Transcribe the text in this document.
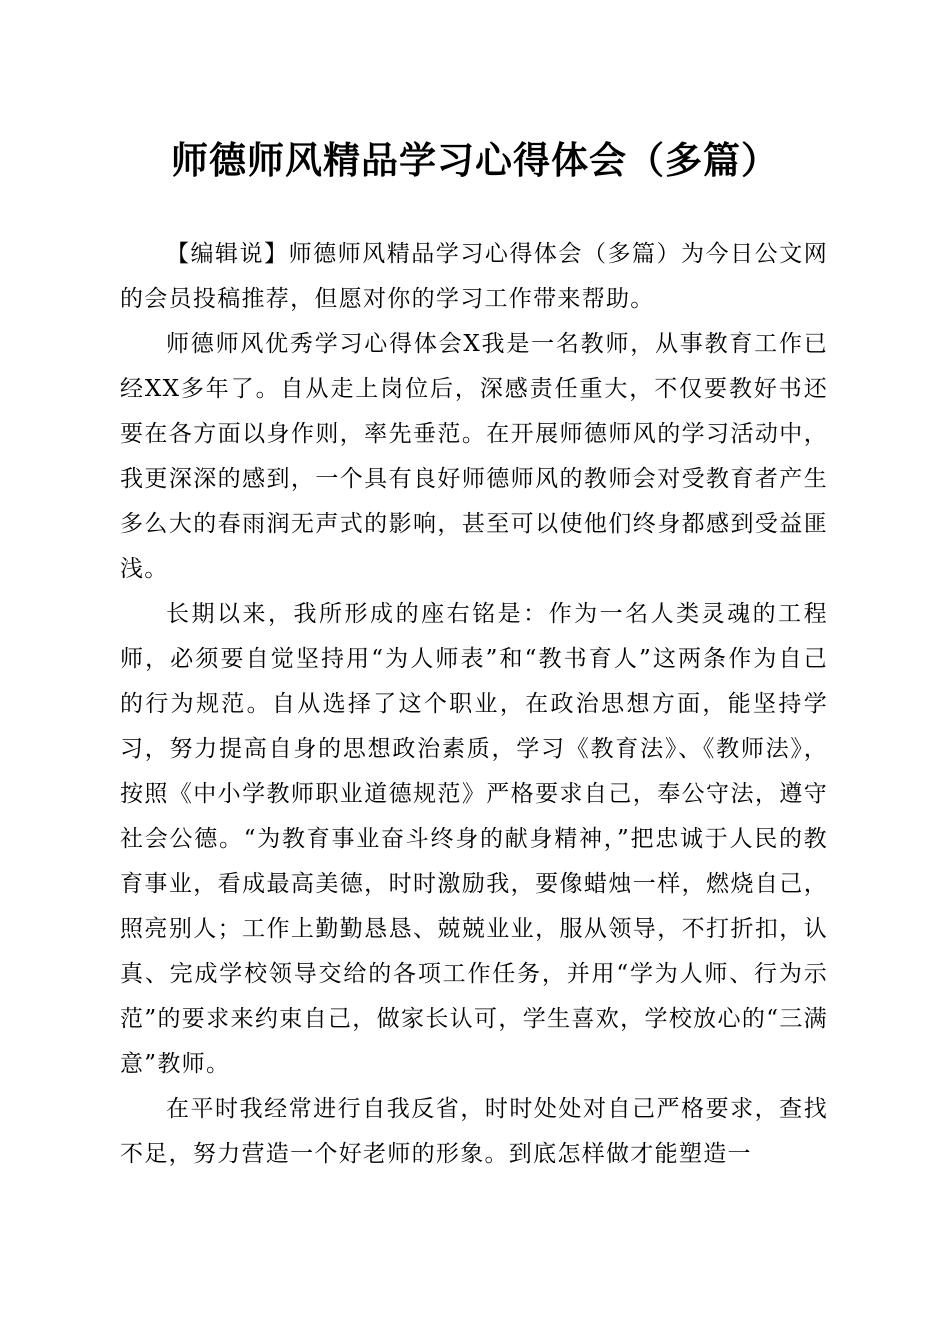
师德师风精品学习心得体会（多篇）

【编辑说】师德师风精品学习心得体会（多篇）为今日公文网的会员投稿推荐，但愿对你的学习工作带来帮助。

师德师风优秀学习心得体会X我是一名教师，从事教育工作已经XX多年了。自从走上岗位后，深感责任重大，不仅要教好书还要在各方面以身作则，率先垂范。在开展师德师风的学习活动中，我更深深的感到，一个具有良好师德师风的教师会对受教育者产生多么大的春雨润无声式的影响，甚至可以使他们终身都感到受益匪浅。

长期以来，我所形成的座右铭是：作为一名人类灵魂的工程师，必须要自觉坚持用“为人师表”和“教书育人”这两条作为自己的行为规范。自从选择了这个职业，在政治思想方面，能坚持学习，努力提高自身的思想政治素质，学习《教育法》、《教师法》，按照《中小学教师职业道德规范》严格要求自己，奉公守法，遵守社会公德。“为教育事业奋斗终身的献身精神，”把忠诚于人民的教育事业，看成最高美德，时时激励我，要像蜡烛一样，燃烧自己，照亮别人；工作上勤勤恳恳、兢兢业业，服从领导，不打折扣，认真、完成学校领导交给的各项工作任务，并用“学为人师、行为示范”的要求来约束自己，做家长认可，学生喜欢，学校放心的“三满意”教师。

在平时我经常进行自我反省，时时处处对自己严格要求，查找不足，努力营造一个好老师的形象。到底怎样做才能塑造一
